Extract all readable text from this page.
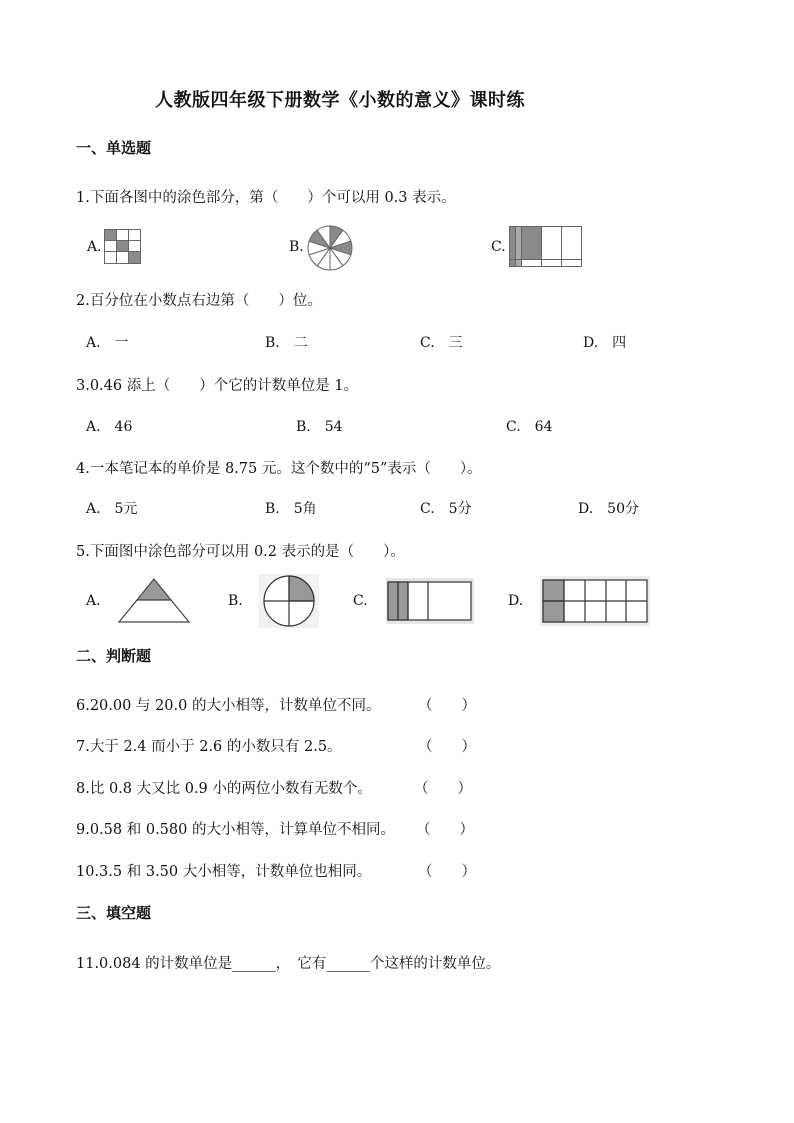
人教版四年级下册数学《小数的意义》课时练
一、单选题
1.下面各图中的涂色部分，第（　　）个可以用 0.3 表示。
A.	B.	C.
2.百分位在小数点右边第（　　）位。
A.　一	B.　二	C.　三	D.　四
3.0.46 添上（　　）个它的计数单位是 1。
A.　46	B.　54	C.　64
4.一本笔记本的单价是 8.75 元。这个数中的“5”表示（　　）。
A.　5元	B.　5角	C.　5分	D.　50分
5.下面图中涂色部分可以用 0.2 表示的是（　　）。
A.	B.	C.	D.
二、判断题
6.20.00 与 20.0 的大小相等，计数单位不同。	（　　）
7.大于 2.4 而小于 2.6 的小数只有 2.5。	（　　）
8.比 0.8 大又比 0.9 小的两位小数有无数个。	（　　）
9.0.58 和 0.580 的大小相等，计算单位不相同。 （　　）
10.3.5 和 3.50 大小相等，计数单位也相同。	（　　）
三、填空题
11.0.084 的计数单位是______，　它有______个这样的计数单位。
